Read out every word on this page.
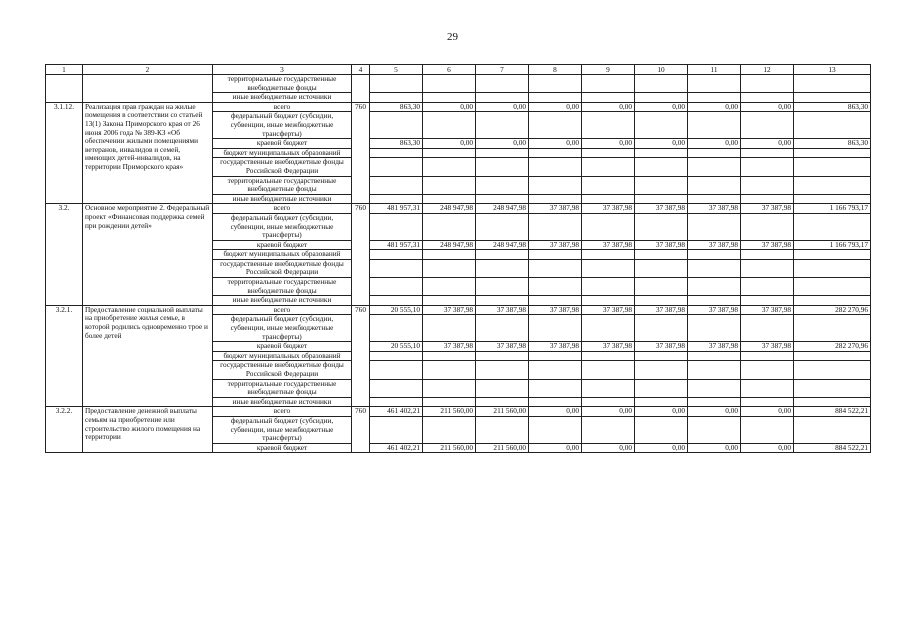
29
1	2	3	4	5	6	7	8	9	10	11	12	13
		территориальные государственные внебюджетные фонды										
		иные внебюджетные источники										
3.1.12.	Реализация прав граждан на жилые помещения в соответствии со статьей 13(1) Закона Приморского края от 26 июня 2006 года № 389-КЗ «Об обеспечении жилыми помещениями ветеранов, инвалидов и семей, имеющих детей-инвалидов, на территории Приморского края»	всего	760	863,30	0,00	0,00	0,00	0,00	0,00	0,00	0,00	863,30
		федеральный бюджет (субсидии, субвенции, иные межбюджетные трансферты)										
		краевой бюджет		863,30	0,00	0,00	0,00	0,00	0,00	0,00	0,00	863,30
		бюджет муниципальных образований										
		государственные внебюджетные фонды Российской Федерации										
		территориальные государственные внебюджетные фонды										
		иные внебюджетные источники										
3.2.	Основное мероприятие 2. Федеральный проект «Финансовая поддержка семей при рождении детей»	всего	760	481 957,31	248 947,98	248 947,98	37 387,98	37 387,98	37 387,98	37 387,98	37 387,98	1 166 793,17
		федеральный бюджет (субсидии, субвенции, иные межбюджетные трансферты)										
		краевой бюджет		481 957,31	248 947,98	248 947,98	37 387,98	37 387,98	37 387,98	37 387,98	37 387,98	1 166 793,17
		бюджет муниципальных образований										
		государственные внебюджетные фонды Российской Федерации										
		территориальные государственные внебюджетные фонды										
		иные внебюджетные источники										
3.2.1.	Предоставление социальной выплаты на приобретение жилья семье, в которой родились одновременно трое и более детей	всего	760	20 555,10	37 387,98	37 387,98	37 387,98	37 387,98	37 387,98	37 387,98	37 387,98	282 270,96
		федеральный бюджет (субсидии, субвенции, иные межбюджетные трансферты)										
		краевой бюджет		20 555,10	37 387,98	37 387,98	37 387,98	37 387,98	37 387,98	37 387,98	37 387,98	282 270,96
		бюджет муниципальных образований										
		государственные внебюджетные фонды Российской Федерации										
		территориальные государственные внебюджетные фонды										
		иные внебюджетные источники										
3.2.2.	Предоставление денежной выплаты семьям на приобретение или строительство жилого помещения на территории	всего	760	461 402,21	211 560,00	211 560,00	0,00	0,00	0,00	0,00	0,00	884 522,21
		федеральный бюджет (субсидии, субвенции, иные межбюджетные трансферты)										
		краевой бюджет		461 402,21	211 560,00	211 560,00	0,00	0,00	0,00	0,00	0,00	884 522,21
